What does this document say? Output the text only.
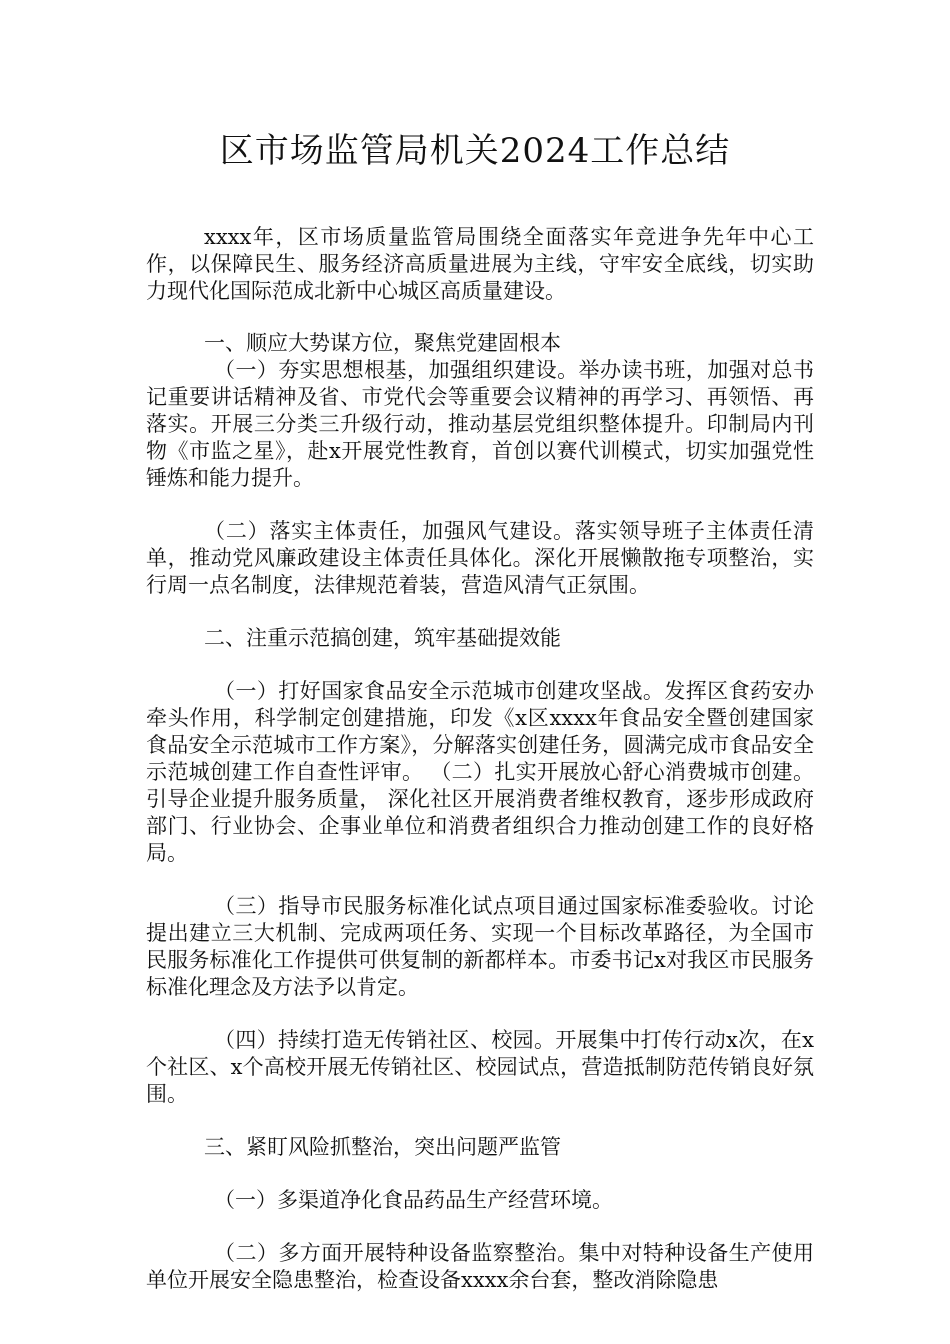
区市场监管局机关2024工作总结

xxxx年，区市场质量监管局围绕全面落实年竞进争先年中心工作，以保障民生、服务经济高质量进展为主线，守牢安全底线，切实助力现代化国际范成北新中心城区高质量建设。

一、顺应大势谋方位，聚焦党建固根本

（一）夯实思想根基，加强组织建设。举办读书班，加强对总书记重要讲话精神及省、市党代会等重要会议精神的再学习、再领悟、再落实。开展三分类三升级行动，推动基层党组织整体提升。印制局内刊物《市监之星》，赴x开展党性教育，首创以赛代训模式，切实加强党性锤炼和能力提升。

（二）落实主体责任，加强风气建设。落实领导班子主体责任清单，推动党风廉政建设主体责任具体化。深化开展懒散拖专项整治，实行周一点名制度，法律规范着装，营造风清气正氛围。

二、注重示范搞创建，筑牢基础提效能

（一）打好国家食品安全示范城市创建攻坚战。发挥区食药安办牵头作用，科学制定创建措施，印发《x区xxxx年食品安全暨创建国家食品安全示范城市工作方案》，分解落实创建任务，圆满完成市食品安全示范城创建工作自查性评审。 （二）扎实开展放心舒心消费城市创建。引导企业提升服务质量， 深化社区开展消费者维权教育，逐步形成政府部门、行业协会、企事业单位和消费者组织合力推动创建工作的良好格局。

（三）指导市民服务标准化试点项目通过国家标准委验收。讨论提出建立三大机制、完成两项任务、实现一个目标改革路径，为全国市民服务标准化工作提供可供复制的新都样本。市委书记x对我区市民服务标准化理念及方法予以肯定。

（四）持续打造无传销社区、校园。开展集中打传行动x次，在x个社区、x个高校开展无传销社区、校园试点，营造抵制防范传销良好氛围。

三、紧盯风险抓整治，突出问题严监管

（一）多渠道净化食品药品生产经营环境。

（二）多方面开展特种设备监察整治。集中对特种设备生产使用单位开展安全隐患整治，检查设备xxxx余台套，整改消除隐患
